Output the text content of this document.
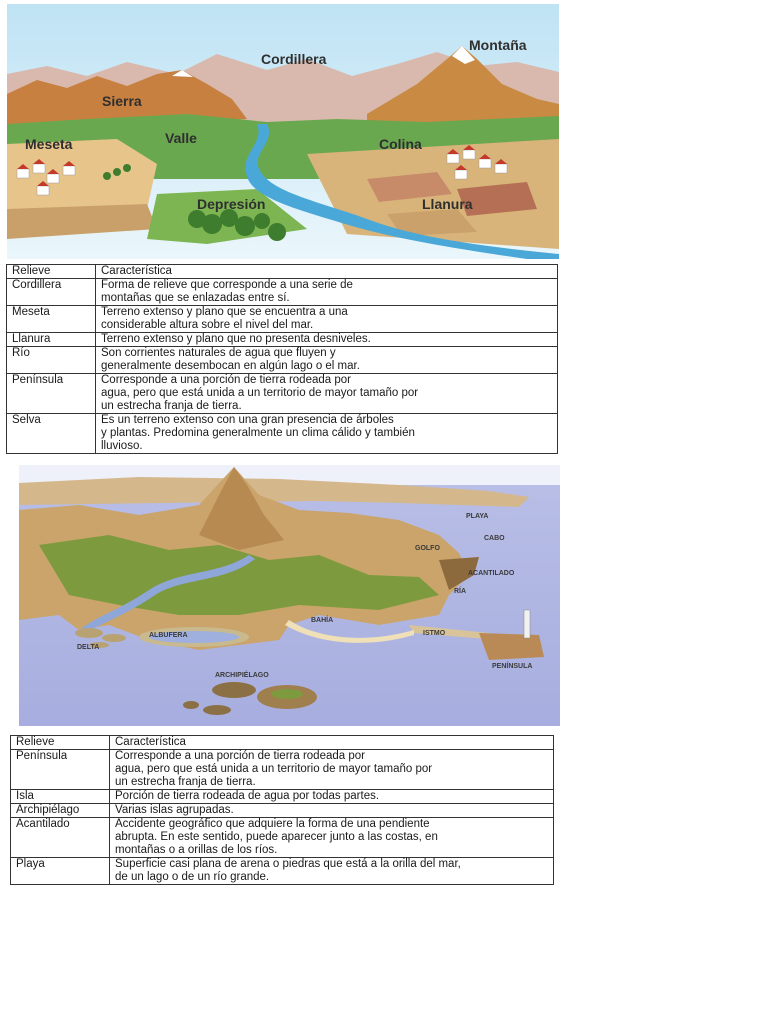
Cordillera
Montaña
Sierra
Meseta	Valle	Colina
Depresión	Llanura
Relieve	Característica
Cordillera	Forma de relieve que corresponde a una serie de
montañas que se enlazadas entre sí.
Meseta	Terreno extenso y plano que se encuentra a una
considerable altura sobre el nivel del mar.
Llanura	Terreno extenso y plano que no presenta desniveles.
Río	Son corrientes naturales de agua que fluyen y
generalmente desembocan en algún lago o el mar.
Península	Corresponde a una porción de tierra rodeada por
agua, pero que está unida a un territorio de mayor tamaño por
un estrecha franja de tierra.
Selva	Es un terreno extenso con una gran presencia de árboles
y plantas. Predomina generalmente un clima cálido y también
lluvioso.
PLAYA
CABO
GOLFO
ACANTILADO
RÍA
BAHÍA
ISTMO
ALBUFERA
DELTA
PENÍNSULA
ARCHIPIÉLAGO
Relieve	Característica
Península	Corresponde a una porción de tierra rodeada por
agua, pero que está unida a un territorio de mayor tamaño por
un estrecha franja de tierra.
Isla	Porción de tierra rodeada de agua por todas partes.
Archipiélago	Varias islas agrupadas.
Acantilado	Accidente geográfico que adquiere la forma de una pendiente
abrupta. En este sentido, puede aparecer junto a las costas, en
montañas o a orillas de los ríos.
Playa	Superficie casi plana de arena o piedras que está a la orilla del mar,
de un lago o de un río grande.
